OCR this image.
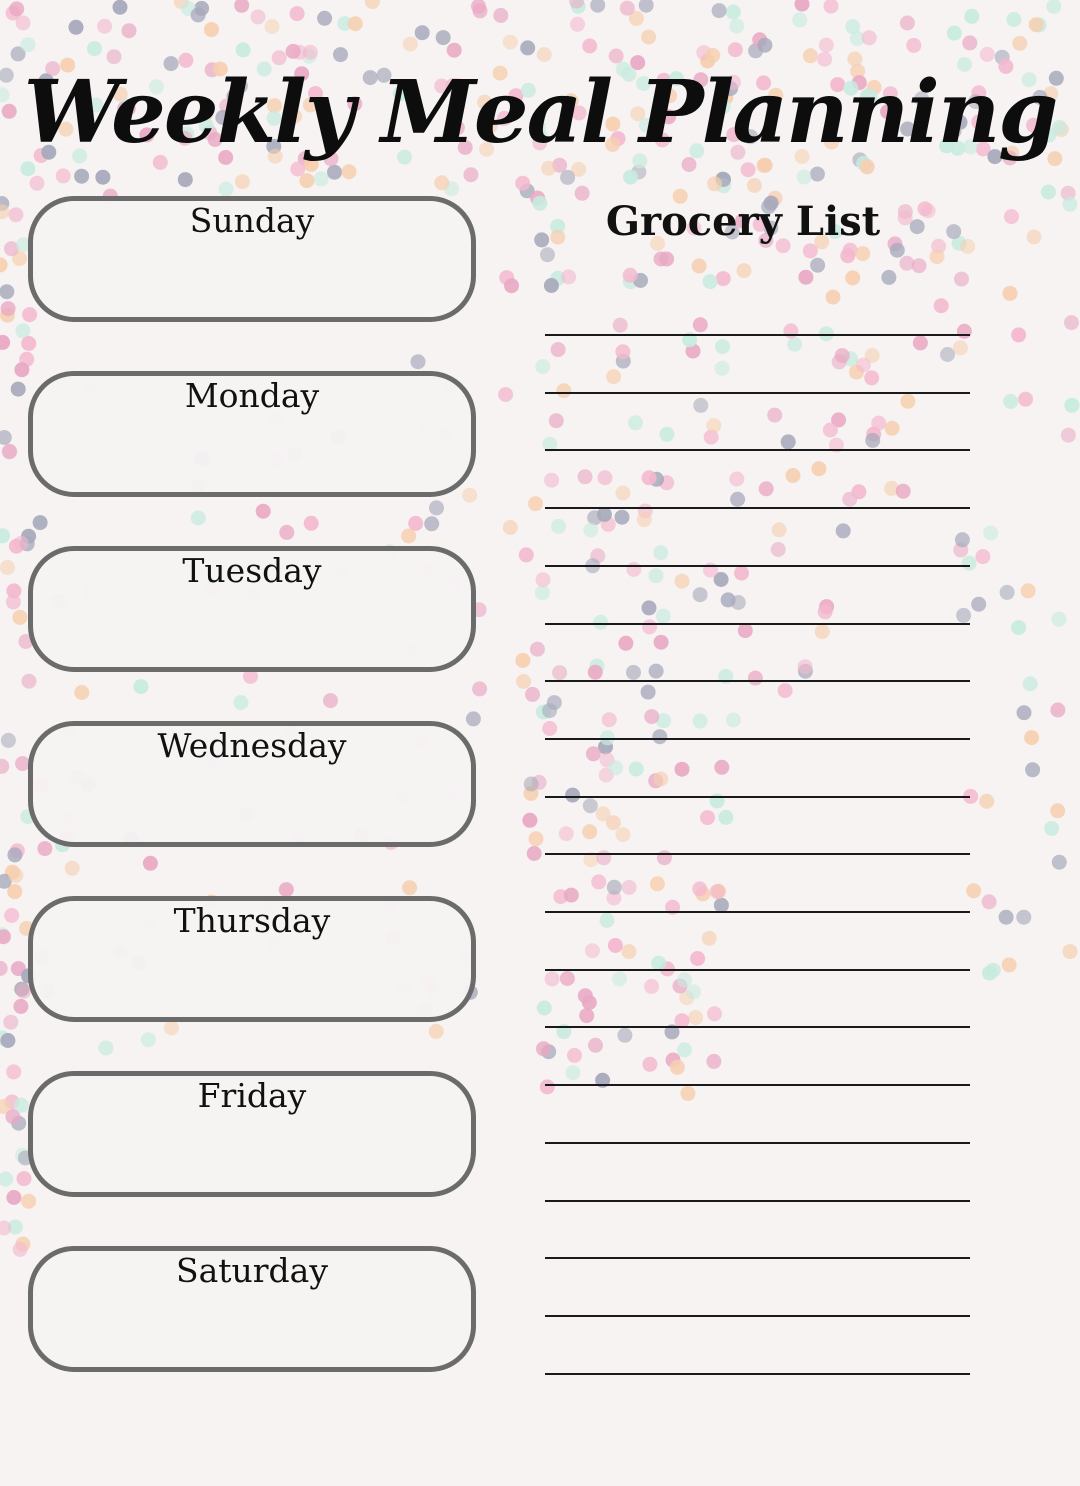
Weekly Meal Planning
Sunday
Monday
Tuesday
Wednesday
Thursday
Friday
Saturday
Grocery List
